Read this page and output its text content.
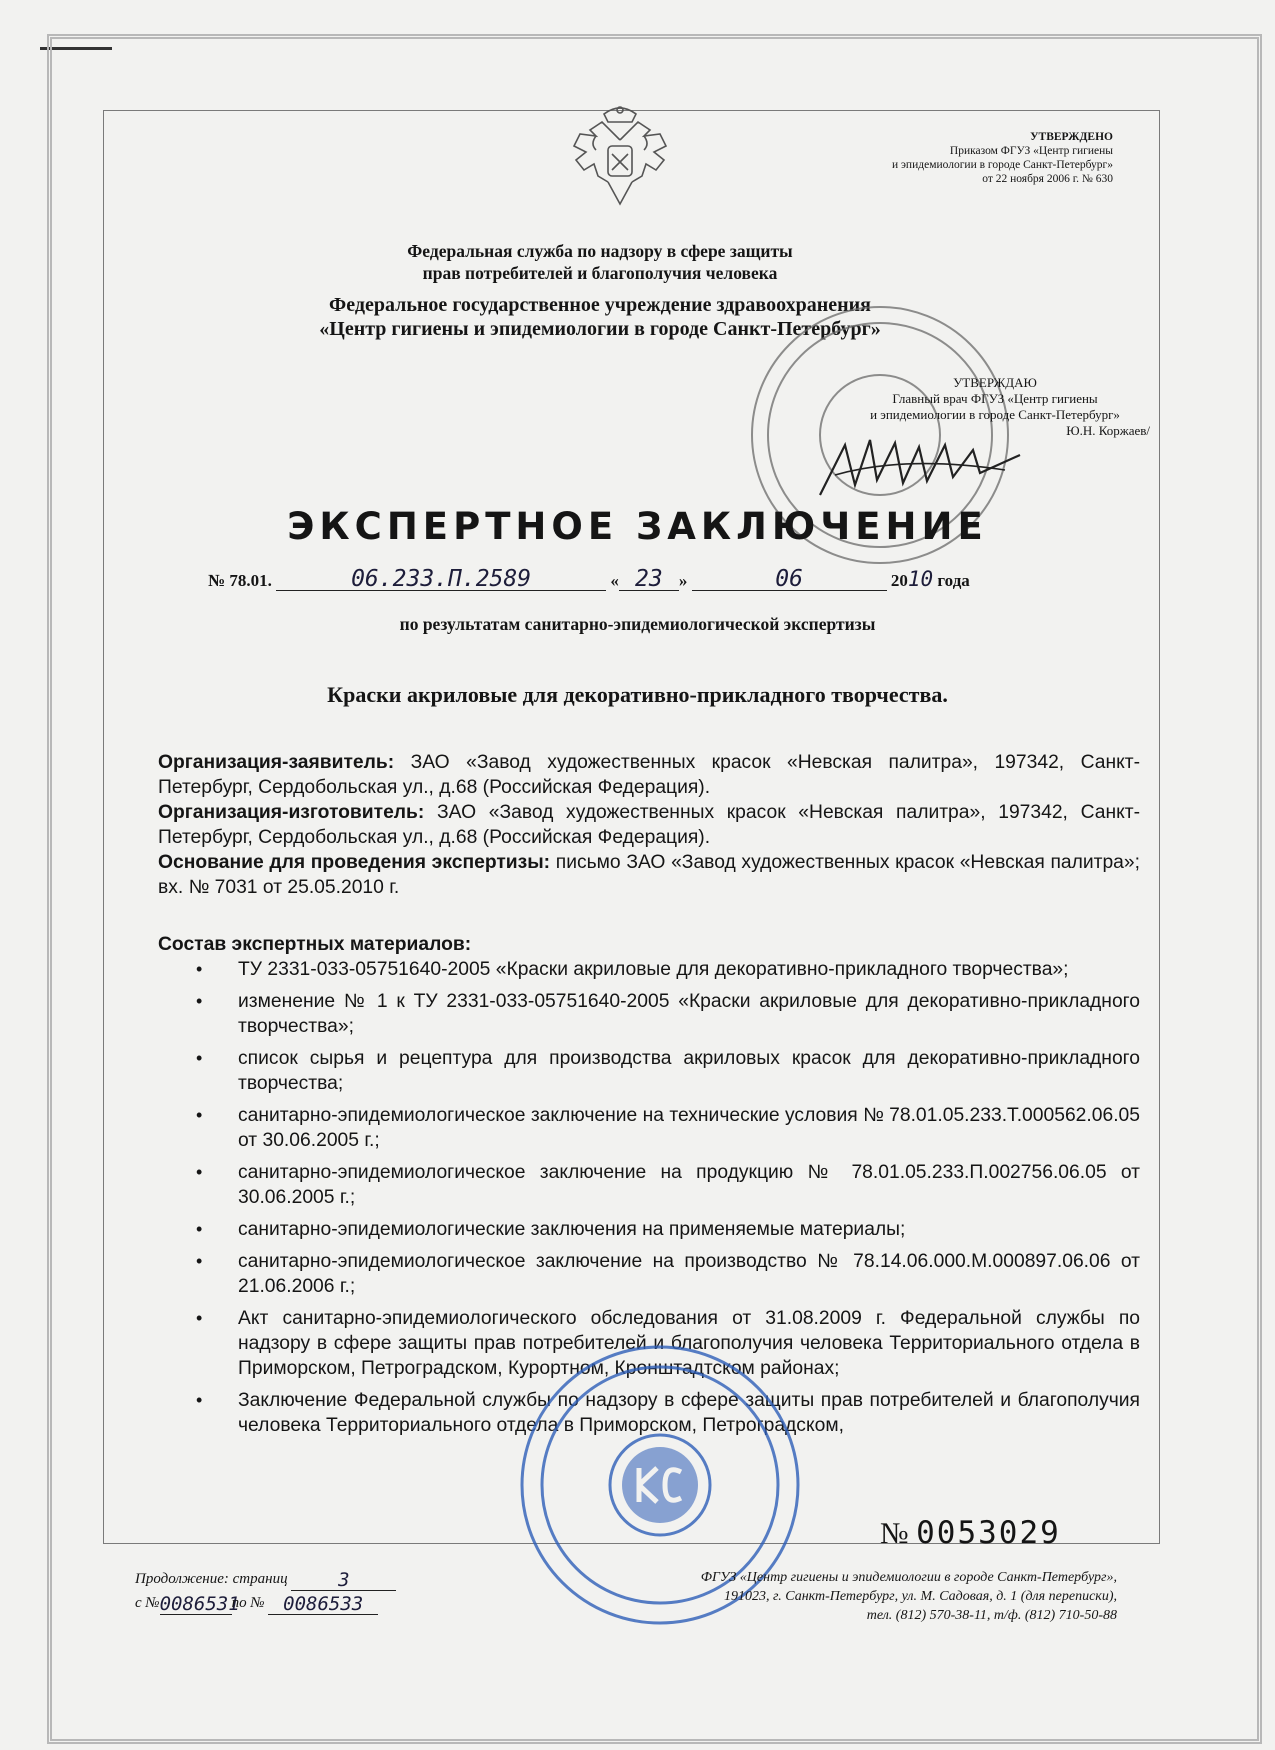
УТВЕРЖДЕНО
Приказом ФГУЗ «Центр гигиены
и эпидемиологии в городе Санкт-Петербург»
от 22 ноября 2006 г. № 630
Федеральная служба по надзору в сфере защиты
прав потребителей и благополучия человека
Федеральное государственное учреждение здравоохранения
«Центр гигиены и эпидемиологии в городе Санкт-Петербург»
УТВЕРЖДАЮ
Главный врач ФГУЗ «Центр гигиены
и эпидемиологии в городе Санкт-Петербург»
Ю.Н. Коржаев/
ЭКСПЕРТНОЕ ЗАКЛЮЧЕНИЕ
№ 78.01.	06.233.П.2589	« 23 »	06	2010 года
по результатам санитарно-эпидемиологической экспертизы
Краски акриловые для декоративно-прикладного творчества.

Организация-заявитель: ЗАО «Завод художественных красок «Невская палитра», 197342, Санкт-Петербург, Сердобольская ул., д.68 (Российская Федерация).

Организация-изготовитель: ЗАО «Завод художественных красок «Невская палитра», 197342, Санкт-Петербург, Сердобольская ул., д.68 (Российская Федерация).

Основание для проведения экспертизы: письмо ЗАО «Завод художественных красок «Невская палитра»; вх. № 7031 от 25.05.2010 г.

Состав экспертных материалов:

• ТУ 2331-033-05751640-2005 «Краски акриловые для декоративно-прикладного творчества»;
• изменение № 1 к ТУ 2331-033-05751640-2005 «Краски акриловые для декоративно-прикладного творчества»;
• список сырья и рецептура для производства акриловых красок для декоративно-прикладного творчества;
• санитарно-эпидемиологическое заключение на технические условия № 78.01.05.233.Т.000562.06.05 от 30.06.2005 г.;
• санитарно-эпидемиологическое заключение на продукцию № 78.01.05.233.П.002756.06.05 от 30.06.2005 г.;
• санитарно-эпидемиологические заключения на применяемые материалы;
• санитарно-эпидемиологическое заключение на производство № 78.14.06.000.М.000897.06.06 от 21.06.2006 г.;
• Акт санитарно-эпидемиологического обследования от 31.08.2009 г. Федеральной службы по надзору в сфере защиты прав потребителей и благополучия человека Территориального отдела в Приморском, Петроградском, Курортном, Кронштадтском районах;
• Заключение Федеральной службы по надзору в сфере защиты прав потребителей и благополучия человека Территориального отдела в Приморском, Петроградском,
№ 0053029
Продолжение: страниц	3
с №0086531по № 0086533
ФГУЗ «Центр гигиены и эпидемиологии в городе Санкт-Петербург»,
191023, г. Санкт-Петербург, ул. М. Садовая, д. 1 (для переписки),
тел. (812) 570-38-11, т/ф. (812) 710-50-88
